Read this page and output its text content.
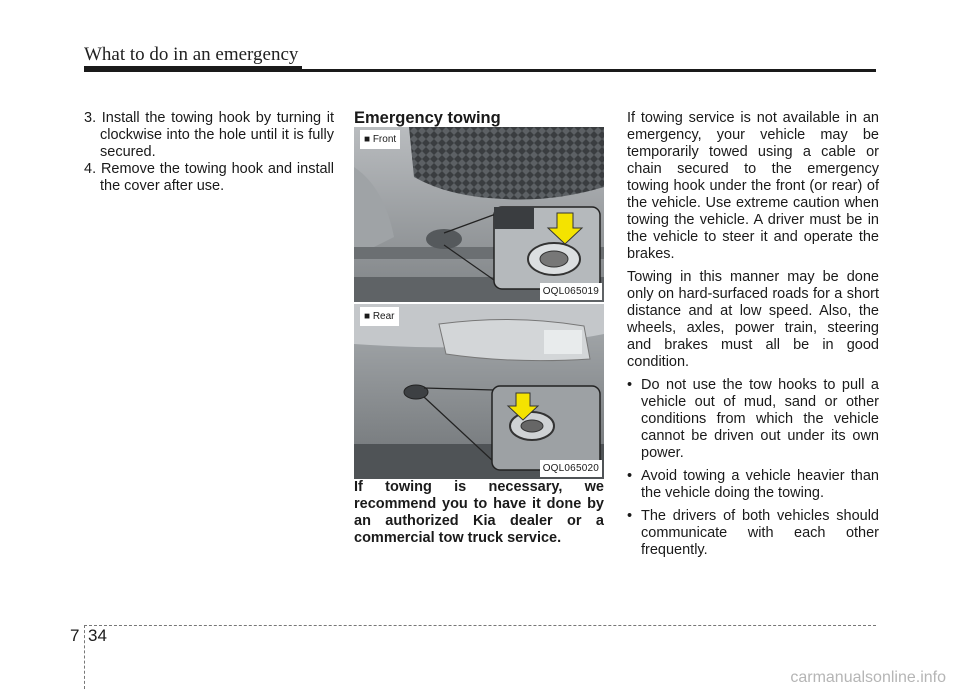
What to do in an emergency

3. Install the towing hook by turning it clockwise into the hole until it is fully secured.

4. Remove the towing hook and install the cover after use.

Emergency towing

■ Front
OQL065019
■ Rear
OQL065020

If towing is necessary, we recommend you to have it done by an authorized Kia dealer or a commercial tow truck service.

If towing service is not available in an emergency, your vehicle may be temporarily towed using a cable or chain secured to the emergency towing hook under the front (or rear) of the vehicle. Use extreme caution when towing the vehicle. A driver must be in the vehicle to steer it and operate the brakes.

Towing in this manner may be done only on hard-surfaced roads for a short distance and at low speed. Also, the wheels, axles, power train, steering and brakes must all be in good condition.

• Do not use the tow hooks to pull a vehicle out of mud, sand or other conditions from which the vehicle cannot be driven out under its own power.
• Avoid towing a vehicle heavier than the vehicle doing the towing.
• The drivers of both vehicles should communicate with each other frequently.
7 34
carmanualsonline.info
